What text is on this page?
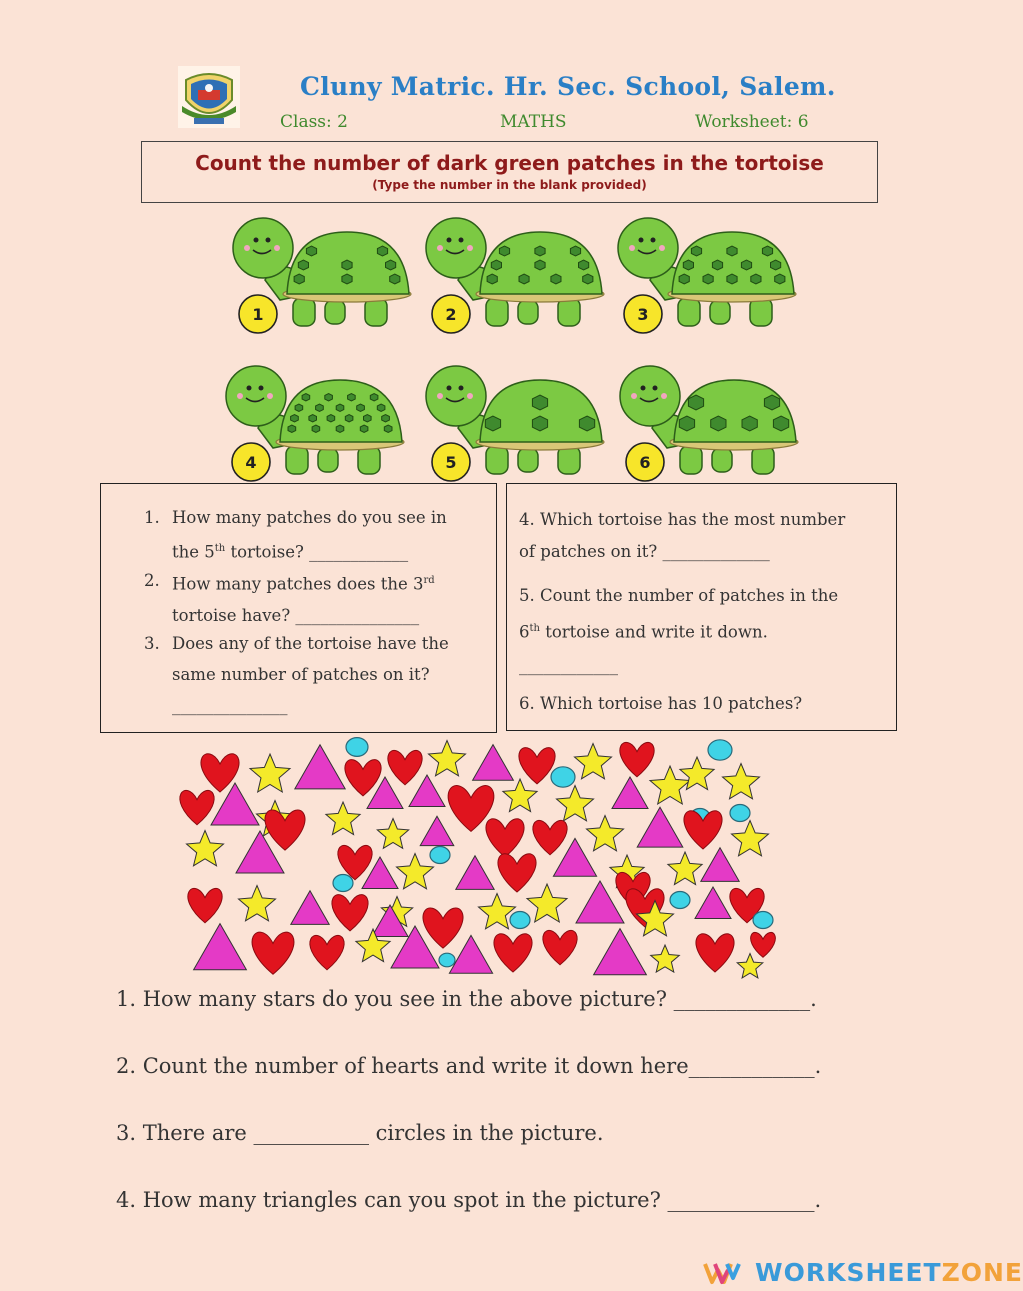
Cluny Matric. Hr. Sec. School, Salem.
Class: 2	MATHS	Worksheet: 6
Count the number of dark green patches in the tortoise
(Type the number in the blank provided)
1	2	3
4	5	6
1. How many patches do you see in
the 5th tortoise? ____________
2. How many patches does the 3rd
tortoise have? _______________
3. Does any of the tortoise have the
same number of patches on it?
______________
4. Which tortoise has the most number
of patches on it? _____________
5. Count the number of patches in the
6th tortoise and write it down.
____________
6. Which tortoise has 10 patches?
1. How many stars do you see in the above picture? _____________.
2. Count the number of hearts and write it down here____________.
3. There are ___________ circles in the picture.
4. How many triangles can you spot in the picture? ______________.
WORKSHEETZONE
